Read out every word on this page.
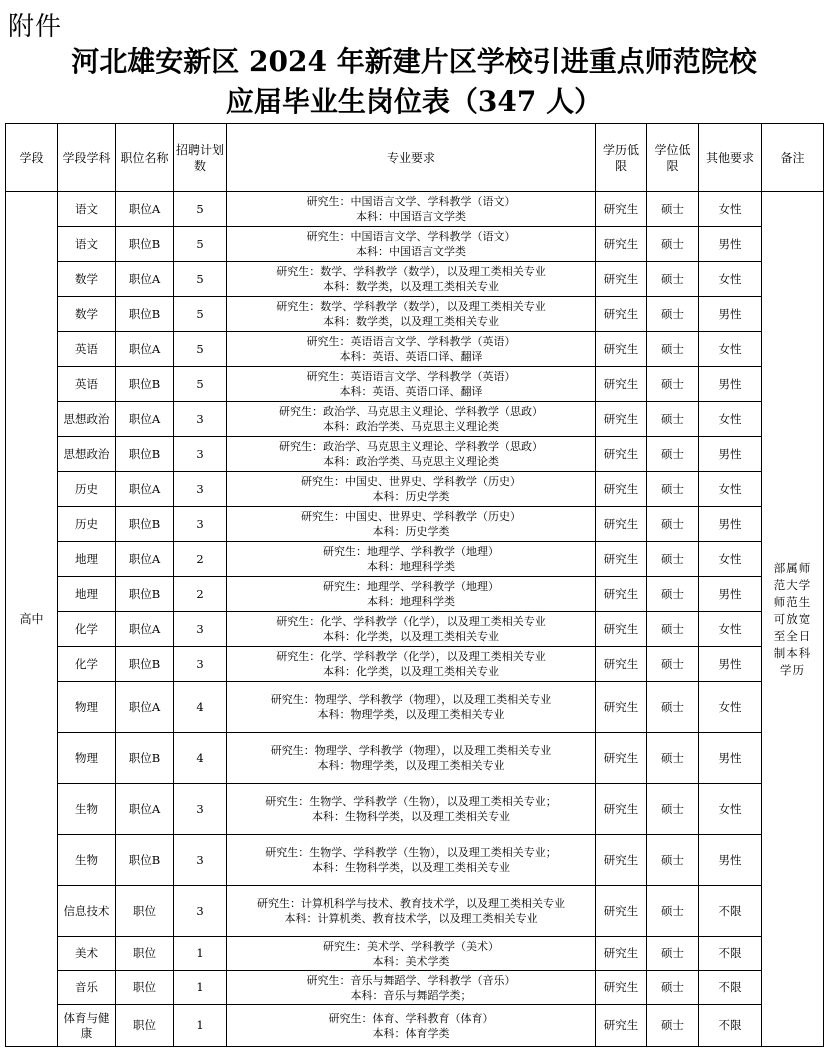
附件
河北雄安新区 2024 年新建片区学校引进重点师范院校
应届毕业生岗位表（347 人）
学段	学段学科	职位名称	招聘计划数	专业要求	学历低限	学位低限	其他要求	备注
高中	语文	职位A	5	研究生：中国语言文学、学科教学（语文）
本科：中国语言文学类	研究生	硕士	女性	部属师范大学师范生可放宽至全日制本科学历
	语文	职位B	5	研究生：中国语言文学、学科教学（语文）
本科：中国语言文学类	研究生	硕士	男性	
	数学	职位A	5	研究生：数学、学科教学（数学），以及理工类相关专业
本科：数学类，以及理工类相关专业	研究生	硕士	女性	
	数学	职位B	5	研究生：数学、学科教学（数学），以及理工类相关专业
本科：数学类，以及理工类相关专业	研究生	硕士	男性	
	英语	职位A	5	研究生：英语语言文学、学科教学（英语）
本科：英语、英语口译、翻译	研究生	硕士	女性	
	英语	职位B	5	研究生：英语语言文学、学科教学（英语）
本科：英语、英语口译、翻译	研究生	硕士	男性	
	思想政治	职位A	3	研究生：政治学、马克思主义理论、学科教学（思政）
本科：政治学类、马克思主义理论类	研究生	硕士	女性	
	思想政治	职位B	3	研究生：政治学、马克思主义理论、学科教学（思政）
本科：政治学类、马克思主义理论类	研究生	硕士	男性	
	历史	职位A	3	研究生：中国史、世界史、学科教学（历史）
本科：历史学类	研究生	硕士	女性	
	历史	职位B	3	研究生：中国史、世界史、学科教学（历史）
本科：历史学类	研究生	硕士	男性	
	地理	职位A	2	研究生：地理学、学科教学（地理）
本科：地理科学类	研究生	硕士	女性	
	地理	职位B	2	研究生：地理学、学科教学（地理）
本科：地理科学类	研究生	硕士	男性	
	化学	职位A	3	研究生：化学、学科教学（化学），以及理工类相关专业
本科：化学类，以及理工类相关专业	研究生	硕士	女性	
	化学	职位B	3	研究生：化学、学科教学（化学），以及理工类相关专业
本科：化学类，以及理工类相关专业	研究生	硕士	男性	
	物理	职位A	4	研究生：物理学、学科教学（物理），以及理工类相关专业
本科：物理学类，以及理工类相关专业	研究生	硕士	女性	
	物理	职位B	4	研究生：物理学、学科教学（物理），以及理工类相关专业
本科：物理学类，以及理工类相关专业	研究生	硕士	男性	
	生物	职位A	3	研究生：生物学、学科教学（生物），以及理工类相关专业；
本科：生物科学类，以及理工类相关专业	研究生	硕士	女性	
	生物	职位B	3	研究生：生物学、学科教学（生物），以及理工类相关专业；
本科：生物科学类，以及理工类相关专业	研究生	硕士	男性	
	信息技术	职位	3	研究生：计算机科学与技术、教育技术学，以及理工类相关专业
本科：计算机类、教育技术学，以及理工类相关专业	研究生	硕士	不限	
	美术	职位	1	研究生：美术学、学科教学（美术）
本科：美术学类	研究生	硕士	不限	
	音乐	职位	1	研究生：音乐与舞蹈学、学科教学（音乐）
本科：音乐与舞蹈学类；	研究生	硕士	不限	
	体育与健康	职位	1	研究生：体育、学科教育（体育）
本科：体育学类	研究生	硕士	不限	
